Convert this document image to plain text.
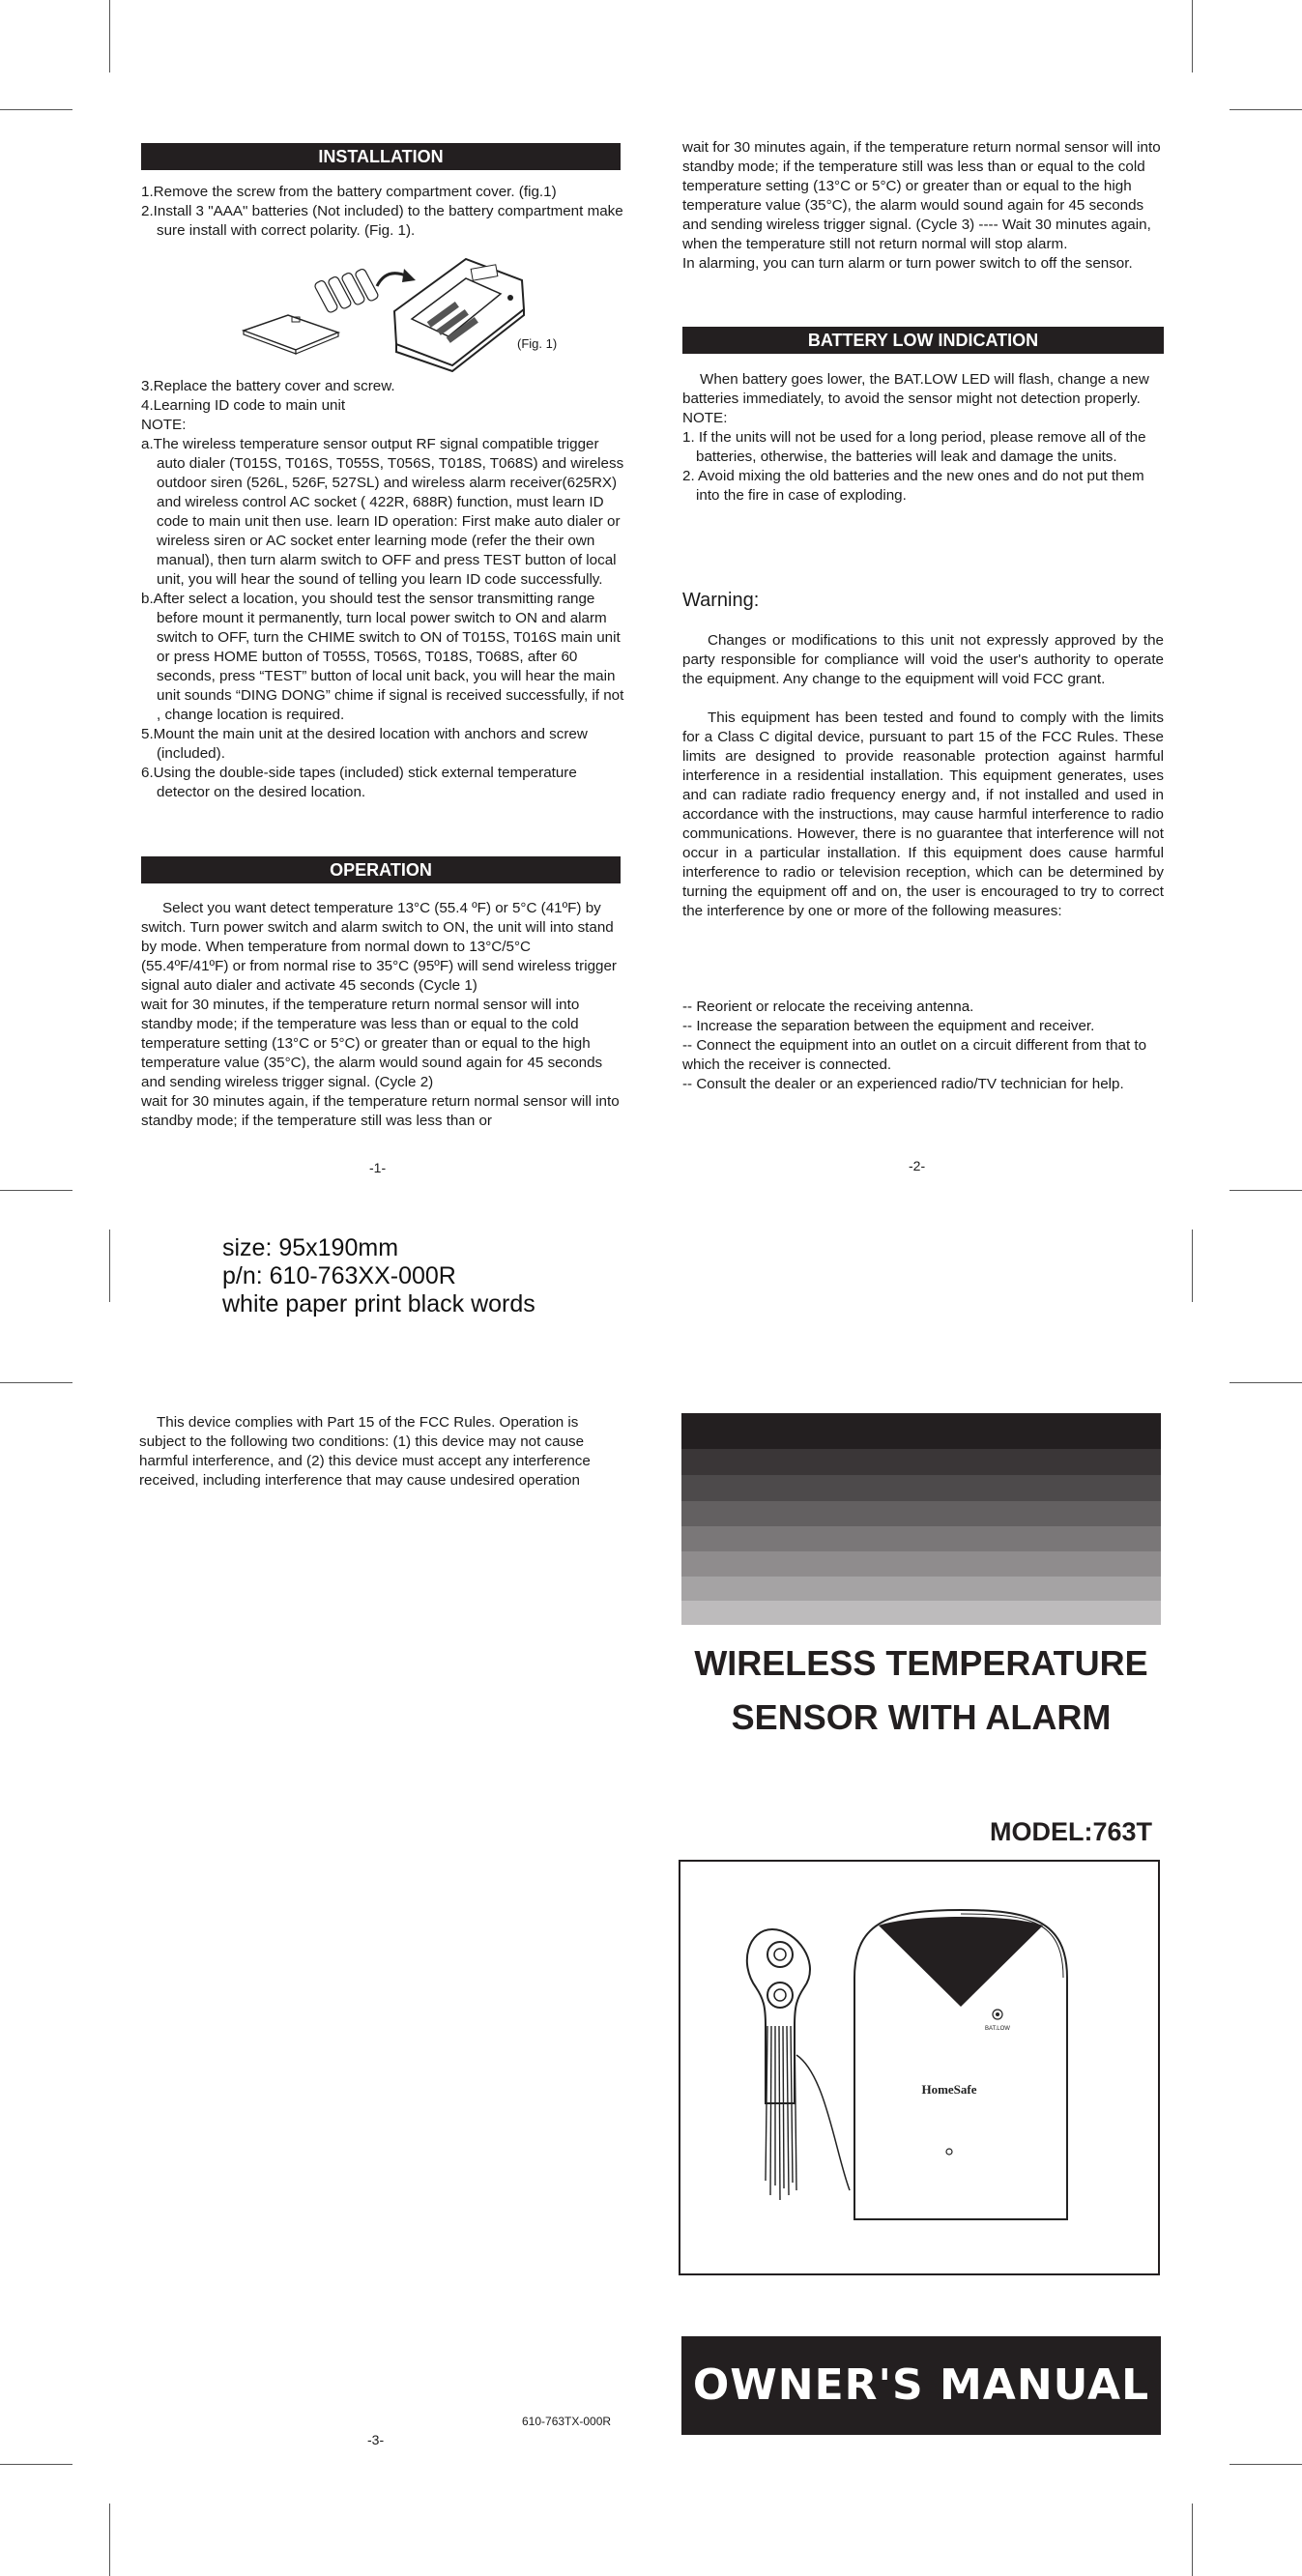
INSTALLATION

1.Remove the screw from the battery compartment cover. (fig.1)

2.Install 3 "AAA" batteries (Not included) to the battery compartment make sure install with correct polarity. (Fig. 1).

(Fig. 1)

3.Replace the battery cover and screw.

4.Learning ID code to main unit

NOTE:

a.The wireless temperature sensor output RF signal compatible trigger auto dialer (T015S, T016S, T055S, T056S, T018S, T068S) and wireless outdoor siren (526L, 526F, 527SL) and wireless alarm receiver(625RX) and wireless control AC socket ( 422R, 688R) function, must learn ID code to main unit then use. learn ID operation: First make auto dialer or wireless siren or AC socket enter learning mode (refer the their own manual), then turn alarm switch to OFF and press TEST button of local unit, you will hear the sound of telling you learn ID code successfully.

b.After select a location, you should test the sensor transmitting range before mount it permanently, turn local power switch to ON and alarm switch to OFF, turn the CHIME switch to ON of T015S, T016S main unit or press HOME button of T055S, T056S, T018S, T068S, after 60 seconds, press “TEST” button of local unit back, you will hear the main unit sounds “DING DONG” chime if signal is received successfully, if not , change location is required.

5.Mount the main unit at the desired location with anchors and screw (included).

6.Using the double-side tapes (included) stick external temperature detector on the desired location.

OPERATION

Select you want detect temperature 13°C (55.4 ºF) or 5°C (41ºF) by switch. Turn power switch and alarm switch to ON, the unit will into stand by mode. When temperature from normal down to 13°C/5°C (55.4ºF/41ºF) or from normal rise to 35°C (95ºF) will send wireless trigger signal auto dialer and activate 45 seconds (Cycle 1)

wait for 30 minutes, if the temperature return normal sensor will into standby mode; if the temperature was less than or equal to the cold temperature setting (13°C or 5°C) or greater than or equal to the high temperature value (35°C), the alarm would sound again for 45 seconds and sending wireless trigger signal. (Cycle 2)

wait for 30 minutes again, if the temperature return normal sensor will into standby mode; if the temperature still was less than or

-1-

wait for 30 minutes again, if the temperature return normal sensor will into standby mode; if the temperature still was less than or equal to the cold temperature setting (13°C or 5°C) or greater than or equal to the high temperature value (35°C), the alarm would sound again for 45 seconds and sending wireless trigger signal. (Cycle 3) ---- Wait 30 minutes again, when the temperature still not return normal will stop alarm.

In alarming, you can turn alarm or turn power switch to off the sensor.

BATTERY LOW INDICATION

When battery goes lower, the BAT.LOW LED will flash, change a new batteries immediately, to avoid the sensor might not detection properly.

NOTE:

1. If the units will not be used for a long period, please remove all of the batteries, otherwise, the batteries will leak and damage the units.

2. Avoid mixing the old batteries and the new ones and do not put them into the fire in case of exploding.

Warning:

Changes or modifications to this unit not expressly approved by the party responsible for compliance will void the user's authority to operate the equipment. Any change to the equipment will void FCC grant.

This equipment has been tested and found to comply with the limits for a Class C digital device, pursuant to part 15 of the FCC Rules. These limits are designed to provide reasonable protection against harmful interference in a residential installation. This equipment generates, uses and can radiate radio frequency energy and, if not installed and used in accordance with the instructions, may cause harmful interference to radio communications. However, there is no guarantee that interference will not occur in a particular installation. If this equipment does cause harmful interference to radio or television reception, which can be determined by turning the equipment off and on, the user is encouraged to try to correct the interference by one or more of the following measures:

-- Reorient or relocate the receiving antenna.

-- Increase the separation between the equipment and receiver.

-- Connect the equipment into an outlet on a circuit different from that to which the receiver is connected.

-- Consult the dealer or an experienced radio/TV technician for help.

-2-
size: 95x190mm
p/n: 610-763XX-000R
white paper print black words

This device complies with Part 15 of the FCC Rules. Operation is subject to the following two conditions: (1) this device may not cause harmful interference, and (2) this device must accept any interference received, including interference that may cause undesired operation

610-763TX-000R
-3-
WIRELESS TEMPERATURE
SENSOR WITH ALARM
MODEL:763T
BAT.LOW
HomeSafe
OWNER'S MANUAL
